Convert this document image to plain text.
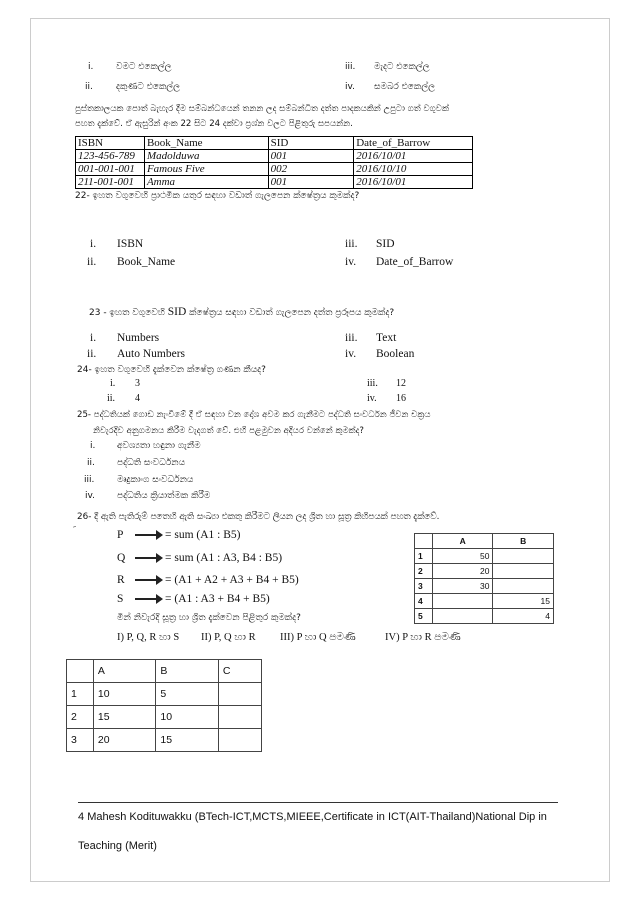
i.	වමට එකෙල්ල
ii.	දකුණට එකෙල්ල
iii. මැදට එකෙල්ල
iv. සමබර එකෙල්ල
පුස්තකාලයක පොත් බැහැර දීම සම්බන්ධයෙන් තනන ලද සම්බන්ධිත දත්ත පාදකයකින් උපුටා ගත් වගුවක්
පහත දැක්වේ. ඒ ඇසුරින් අංක 22 සිට 24 දක්වා ප්‍රශ්න වලට පිළිතුරු සපයන්න.
ISBN	Book_Name	SID	Date_of_Barrow
123-456-789	Madolduwa	001	2016/10/01
001-001-001	Famous Five	002	2016/10/10
211-001-001	Amma	001	2016/10/01
22- ඉහත වගුවෙහි ප්‍රාථමික යතුර සඳහා වඩාත් ගැලපෙන ක්ෂේත්‍රය කුමක්ද?
i. ISBN
ii. Book_Name
iii. SID
iv. Date_of_Barrow
23 - ඉහත වගුවෙහි SID ක්ෂේත්‍රය සඳහා වඩාත් ගැලපෙන දත්ත ප්‍රරූපය කුමක්ද?
i. Numbers
ii. Auto Numbers
iii. Text
iv. Boolean
24- ඉහත වගුවෙහි දැක්වෙන ක්ෂේත්‍ර ගණන කීයද?
i. 3
ii. 4
iii. 12
iv. 16
25- පද්ධතියක් ගොඩ නැංවීමේ දී ඒ සඳහා වන දෝශ අවම කර ගැනීමට පද්ධති සංවර්ධන ජීවන චක්‍රය
නිවැරදිව අනුගමනය කිරීම වැදගත් වේ. එහි පළමුවන අදියර වන්නේ කුමක්ද?
i. අවශ්‍යතා හඳුනා ගැනීම
ii. පද්ධති සංවර්ධනය
iii.	මෘදුකාංග සංවර්ධනය
iv. පද්ධතිය ක්‍රියාත්මක කිරීම
26- දී ඇති පැතිරුම් පතෙහි ඇති සංඛ්‍යා එකතු කිරීමට ලියන ලද ශ්‍රිත හා සූත්‍ර කිහිපයක් පහත දැක්වේ.
P	= sum (A1 : B5)
Q	= sum (A1 : A3, B4 : B5)
R	= (A1 + A2 + A3 + B4 + B5)
S	= (A1 : A3 + B4 + B5)
මින් නිවැරදි සූත්‍ර හා ශ්‍රිත දැක්වෙන පිළිතුර කුමක්ද?
I) P, Q, R හා S II) P, Q හා R III) P හා Q පමණි	IV) P හා R පමණි
	A	B
1	50	
2	20	
3	30	
4		15
5		4
	A	B	C
1	10	5	
2	15	10	
3	20	15	
4 Mahesh Kodituwakku (BTech-ICT,MCTS,MIEEE,Certificate in ICT(AIT-Thailand)National Dip in
Teaching (Merit)
